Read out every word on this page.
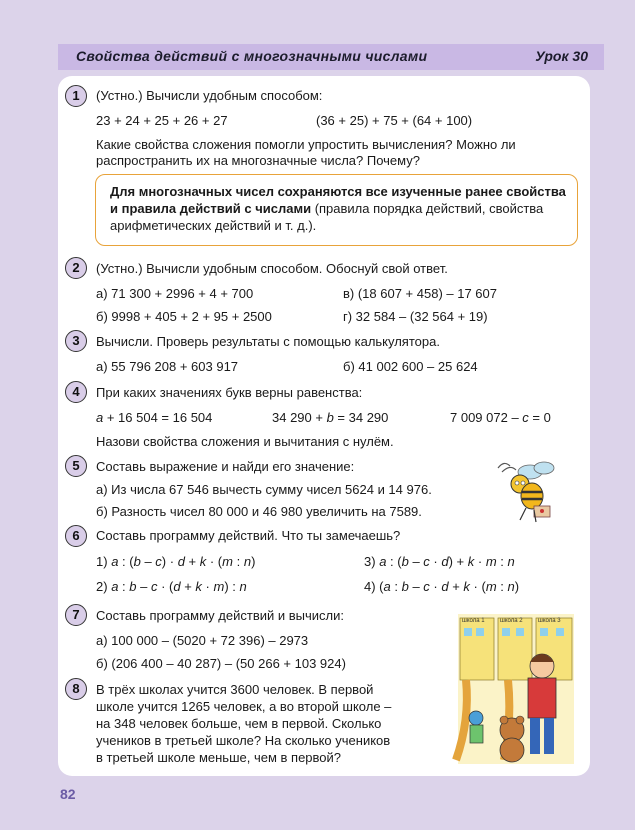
Свойства действий с многозначными числами	Урок 30
1	(Устно.) Вычисли удобным способом:
23 + 24 + 25 + 26 + 27	(36 + 25) + 75 + (64 + 100)
Какие свойства сложения помогли упростить вычисления? Можно ли
распространить их на многозначные числа? Почему?
Для многозначных чисел сохраняются все изученные ранее свойства и правила действий с числами (правила порядка действий, свойства арифметических действий и т. д.).
2	(Устно.) Вычисли удобным способом. Обоснуй свой ответ.
а) 71 300 + 2996 + 4 + 700	в) (18 607 + 458) – 17 607
б) 9998 + 405 + 2 + 95 + 2500	г) 32 584 – (32 564 + 19)
3	Вычисли. Проверь результаты с помощью калькулятора.
а) 55 796 208 + 603 917	б) 41 002 600 – 25 624
4	При каких значениях букв верны равенства:
a + 16 504 = 16 504	34 290 + b = 34 290	7 009 072 – c = 0
Назови свойства сложения и вычитания с нулём.
5	Составь выражение и найди его значение:
а) Из числа 67 546 вычесть сумму чисел 5624 и 14 976.
б) Разность чисел 80 000 и 46 980 увеличить на 7589.
6	Составь программу действий. Что ты замечаешь?
1) a : (b – c) · d + k · (m : n)	3) a : (b – c · d) + k · m : n
2) a : b – c · (d + k · m) : n	4) (a : b – c · d + k · (m : n)
7	Составь программу действий и вычисли:
а) 100 000 – (5020 + 72 396) – 2973
б) (206 400 – 40 287) – (50 266 + 103 924)
8	В трёх школах учится 3600 человек. В первой
школе учится 1265 человек, а во второй школе –
на 348 человек больше, чем в первой. Сколько
учеников в третьей школе? На сколько учеников
в третьей школе меньше, чем в первой?
школа 1	школа 2	школа 3
82
